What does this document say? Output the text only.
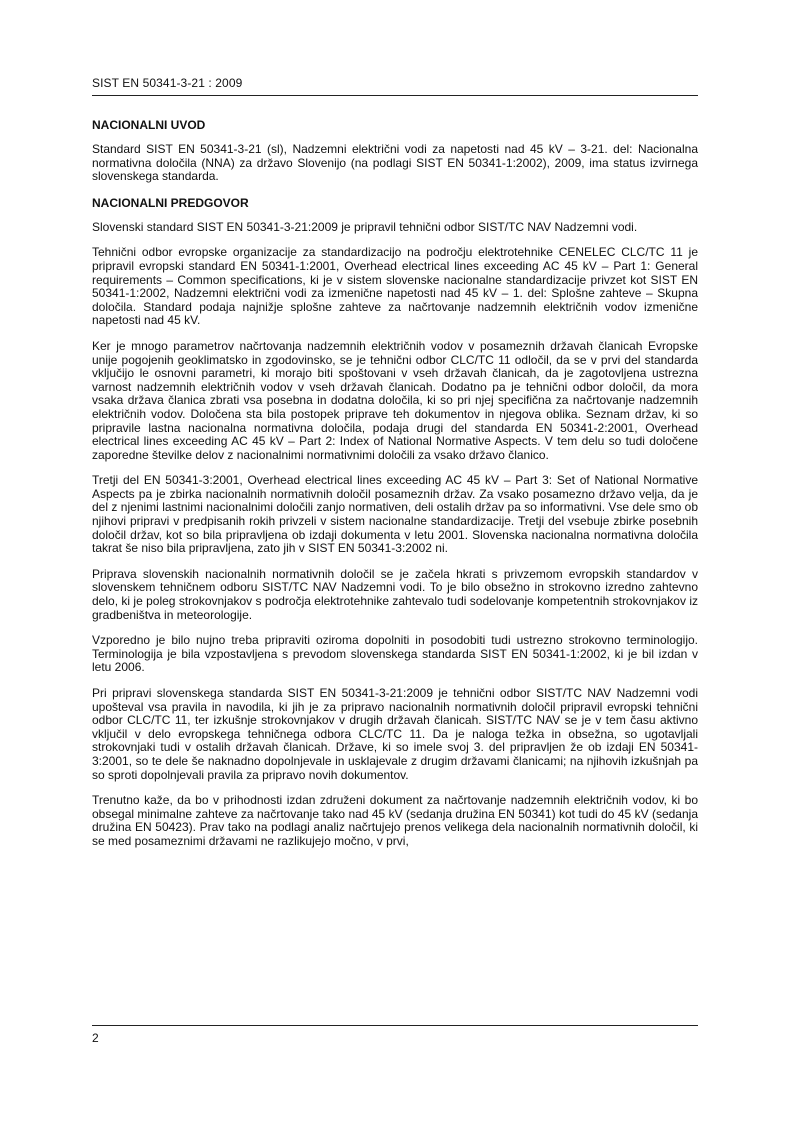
SIST EN 50341-3-21 : 2009
NACIONALNI UVOD

Standard SIST EN 50341-3-21 (sl), Nadzemni električni vodi za napetosti nad 45 kV – 3-21. del: Nacionalna normativna določila (NNA) za državo Slovenijo (na podlagi SIST EN 50341-1:2002), 2009, ima status izvirnega slovenskega standarda.

NACIONALNI PREDGOVOR

Slovenski standard SIST EN 50341-3-21:2009 je pripravil tehnični odbor SIST/TC NAV Nadzemni vodi.

Tehnični odbor evropske organizacije za standardizacijo na področju elektrotehnike CENELEC CLC/TC 11 je pripravil evropski standard EN 50341-1:2001, Overhead electrical lines exceeding AC 45 kV – Part 1: General requirements – Common specifications, ki je v sistem slovenske nacionalne standardizacije privzet kot SIST EN 50341-1:2002, Nadzemni električni vodi za izmenične napetosti nad 45 kV – 1. del: Splošne zahteve – Skupna določila. Standard podaja najnižje splošne zahteve za načrtovanje nadzemnih električnih vodov izmenične napetosti nad 45 kV.

Ker je mnogo parametrov načrtovanja nadzemnih električnih vodov v posameznih državah članicah Evropske unije pogojenih geoklimatsko in zgodovinsko, se je tehnični odbor CLC/TC 11 odločil, da se v prvi del standarda vključijo le osnovni parametri, ki morajo biti spoštovani v vseh državah članicah, da je zagotovljena ustrezna varnost nadzemnih električnih vodov v vseh državah članicah. Dodatno pa je tehnični odbor določil, da mora vsaka država članica zbrati vsa posebna in dodatna določila, ki so pri njej specifična za načrtovanje nadzemnih električnih vodov. Določena sta bila postopek priprave teh dokumentov in njegova oblika. Seznam držav, ki so pripravile lastna nacionalna normativna določila, podaja drugi del standarda EN 50341-2:2001, Overhead electrical lines exceeding AC 45 kV – Part 2: Index of National Normative Aspects. V tem delu so tudi določene zaporedne številke delov z nacionalnimi normativnimi določili za vsako državo članico.

Tretji del EN 50341-3:2001, Overhead electrical lines exceeding AC 45 kV – Part 3: Set of National Normative Aspects pa je zbirka nacionalnih normativnih določil posameznih držav. Za vsako posamezno državo velja, da je del z njenimi lastnimi nacionalnimi določili zanjo normativen, deli ostalih držav pa so informativni. Vse dele smo ob njihovi pripravi v predpisanih rokih privzeli v sistem nacionalne standardizacije. Tretji del vsebuje zbirke posebnih določil držav, kot so bila pripravljena ob izdaji dokumenta v letu 2001. Slovenska nacionalna normativna določila takrat še niso bila pripravljena, zato jih v SIST EN 50341-3:2002 ni.

Priprava slovenskih nacionalnih normativnih določil se je začela hkrati s privzemom evropskih standardov v slovenskem tehničnem odboru SIST/TC NAV Nadzemni vodi. To je bilo obsežno in strokovno izredno zahtevno delo, ki je poleg strokovnjakov s področja elektrotehnike zahtevalo tudi sodelovanje kompetentnih strokovnjakov iz gradbeništva in meteorologije.

Vzporedno je bilo nujno treba pripraviti oziroma dopolniti in posodobiti tudi ustrezno strokovno terminologijo. Terminologija je bila vzpostavljena s prevodom slovenskega standarda SIST EN 50341-1:2002, ki je bil izdan v letu 2006.

Pri pripravi slovenskega standarda SIST EN 50341-3-21:2009 je tehnični odbor SIST/TC NAV Nadzemni vodi upošteval vsa pravila in navodila, ki jih je za pripravo nacionalnih normativnih določil pripravil evropski tehnični odbor CLC/TC 11, ter izkušnje strokovnjakov v drugih državah članicah. SIST/TC NAV se je v tem času aktivno vključil v delo evropskega tehničnega odbora CLC/TC 11. Da je naloga težka in obsežna, so ugotavljali strokovnjaki tudi v ostalih državah članicah. Države, ki so imele svoj 3. del pripravljen že ob izdaji EN 50341-3:2001, so te dele še naknadno dopolnjevale in usklajevale z drugim državami članicami; na njihovih izkušnjah pa so sproti dopolnjevali pravila za pripravo novih dokumentov.

Trenutno kaže, da bo v prihodnosti izdan združeni dokument za načrtovanje nadzemnih električnih vodov, ki bo obsegal minimalne zahteve za načrtovanje tako nad 45 kV (sedanja družina EN 50341) kot tudi do 45 kV (sedanja družina EN 50423). Prav tako na podlagi analiz načrtujejo prenos velikega dela nacionalnih normativnih določil, ki se med posameznimi državami ne razlikujejo močno, v prvi,

2
